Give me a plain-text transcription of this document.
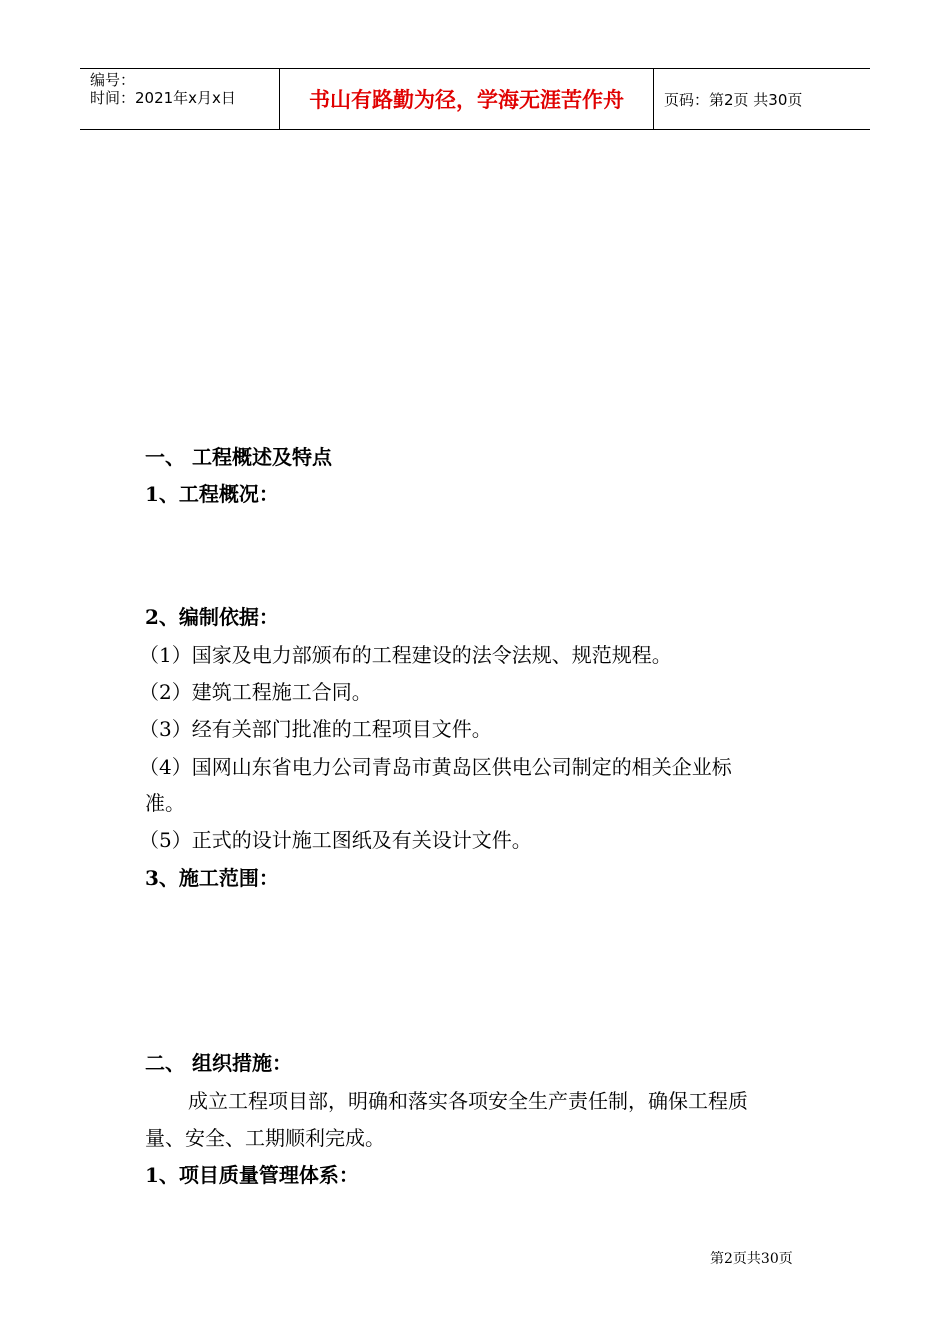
编号：
时间：2021年x月x日	书山有路勤为径，学海无涯苦作舟	页码：第2页 共30页
一、 工程概述及特点
1、工程概况：
2、编制依据：
（1）国家及电力部颁布的工程建设的法令法规、规范规程。
（2）建筑工程施工合同。
（3）经有关部门批准的工程项目文件。
（4）国网山东省电力公司青岛市黄岛区供电公司制定的相关企业标
准。
（5）正式的设计施工图纸及有关设计文件。
3、施工范围：
二、 组织措施：
成立工程项目部，明确和落实各项安全生产责任制，确保工程质
量、安全、工期顺利完成。
1、项目质量管理体系：
第2页共30页
